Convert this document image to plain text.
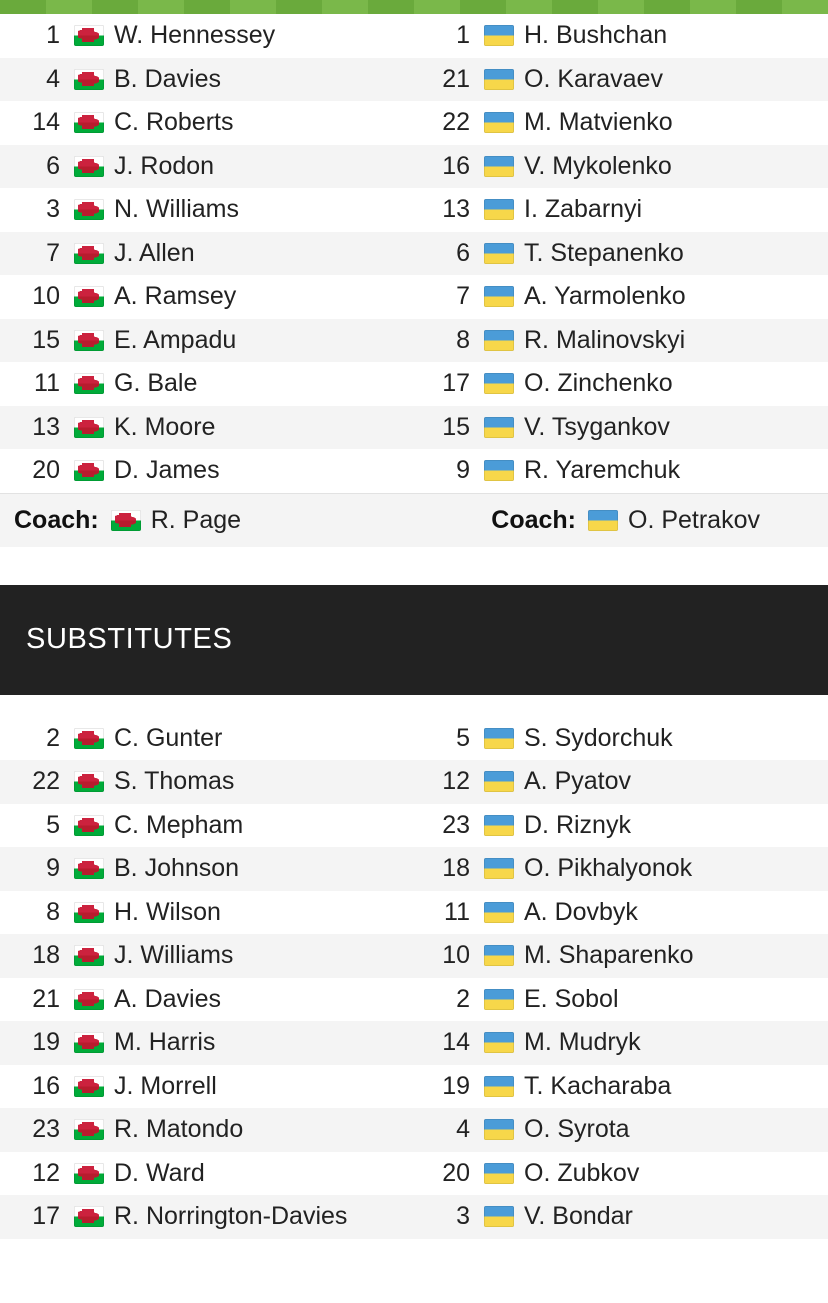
1 W. Hennessey	1 H. Bushchan
4 B. Davies	21 O. Karavaev
14 C. Roberts	22 M. Matvienko
6 J. Rodon	16 V. Mykolenko
3 N. Williams	13 I. Zabarnyi
7 J. Allen	6 T. Stepanenko
10 A. Ramsey	7 A. Yarmolenko
15 E. Ampadu	8 R. Malinovskyi
11 G. Bale	17 O. Zinchenko
13 K. Moore	15 V. Tsygankov
20 D. James	9 R. Yaremchuk
Coach: R. Page	Coach: O. Petrakov
SUBSTITUTES
2 C. Gunter	5 S. Sydorchuk
22 S. Thomas	12 A. Pyatov
5 C. Mepham	23 D. Riznyk
9 B. Johnson	18 O. Pikhalyonok
8 H. Wilson	11 A. Dovbyk
18 J. Williams	10 M. Shaparenko
21 A. Davies	2 E. Sobol
19 M. Harris	14 M. Mudryk
16 J. Morrell	19 T. Kacharaba
23 R. Matondo	4 O. Syrota
12 D. Ward	20 O. Zubkov
17 R. Norrington-Davies	3 V. Bondar
